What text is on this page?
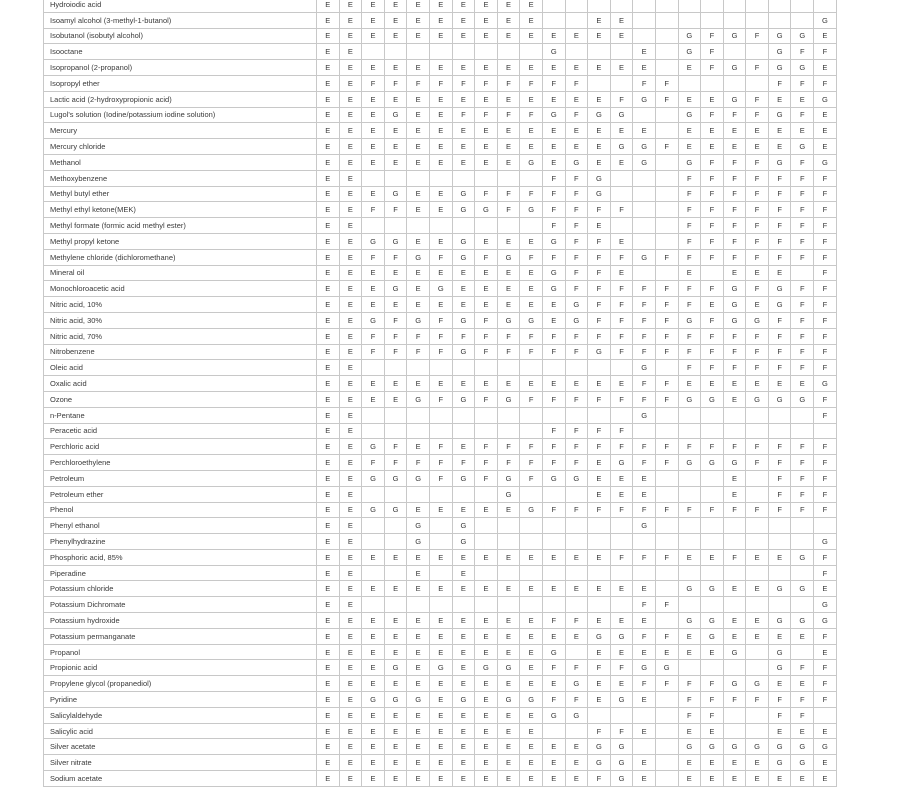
Hydroiodic acid	E	E	E	E	E	E	E	E	E	E													
Isoamyl alcohol (3-methyl-1-butanol)	E	E	E	E	E	E	E	E	E	E			E	E									G
Isobutanol (isobutyl alcohol)	E	E	E	E	E	E	E	E	E	E	E	E	E	E			G	F	G	F	G	G	E
Isooctane	E	E									G				E		G	F			G	F	F
Isopropanol (2-propanol)	E	E	E	E	E	E	E	E	E	E	E	E	E	E	E		E	F	G	F	G	G	E
Isopropyl ether	E	E	F	F	F	F	F	F	F	F	F	F			F	F					F	F	F
Lactic acid (2-hydroxypropionic acid)	E	E	E	E	E	E	E	E	E	E	E	E	E	F	G	F	E	E	G	F	E	E	G
Lugol's solution (Iodine/potassium iodine solution)	E	E	E	G	E	E	F	F	F	F	G	F	G	G			G	F	F	F	G	F	E
Mercury	E	E	E	E	E	E	E	E	E	E	E	E	E	E	E		E	E	E	E	E	E	E
Mercury chloride	E	E	E	E	E	E	E	E	E	E	E	E	E	G	G	F	E	E	E	E	E	G	E
Methanol	E	E	E	E	E	E	E	E	E	G	E	G	E	E	G		G	F	F	F	G	F	G
Methoxybenzene	E	E									F	F	G				F	F	F	F	F	F	F
Methyl butyl ether	E	E	E	G	E	E	G	F	F	F	F	F	G				F	F	F	F	F	F	F
Methyl ethyl ketone(MEK)	E	E	F	F	E	E	G	G	F	G	F	F	F	F			F	F	F	F	F	F	F
Methyl formate (formic acid methyl ester)	E	E									F	F	E				F	F	F	F	F	F	F
Methyl propyl ketone	E	E	G	G	E	E	G	E	E	E	G	F	F	E			F	F	F	F	F	F	F
Methylene chloride (dichloromethane)	E	E	F	F	G	F	G	F	G	F	F	F	F	F	G	F	F	F	F	F	F	F	F
Mineral oil	E	E	E	E	E	E	E	E	E	E	G	F	F	E			E		E	E	E		F
Monochloroacetic acid	E	E	E	G	E	G	E	E	E	E	G	F	F	F	F	F	F	F	G	F	G	F	F
Nitric acid, 10%	E	E	E	E	E	E	E	E	E	E	E	G	F	F	F	F	F	E	G	E	G	F	F
Nitric acid, 30%	E	E	G	F	G	F	G	F	G	G	E	G	F	F	F	F	G	F	G	G	F	F	F
Nitric acid, 70%	E	E	F	F	F	F	F	F	F	F	F	F	F	F	F	F	F	F	F	F	F	F	F
Nitrobenzene	E	E	F	F	F	F	G	F	F	F	F	F	G	F	F	F	F	F	F	F	F	F	F
Oleic acid	E	E													G		F	F	F	F	F	F	F
Oxalic acid	E	E	E	E	E	E	E	E	E	E	E	E	E	E	F	F	E	E	E	E	E	E	G
Ozone	E	E	E	E	G	F	G	F	G	F	F	F	F	F	F	F	G	G	E	G	G	G	F
n-Pentane	E	E													G								F
Peracetic acid	E	E									F	F	F	F									
Perchloric acid	E	E	G	F	E	F	E	F	F	F	F	F	F	F	F	F	F	F	F	F	F	F	F
Perchloroethylene	E	E	F	F	F	F	F	F	F	F	F	F	E	G	F	F	G	G	G	F	F	F	F
Petroleum	E	E	G	G	G	F	G	F	G	F	G	G	E	E	E				E		F	F	F
Petroleum ether	E	E							G				E	E	E				E		F	F	F
Phenol	E	E	G	G	E	E	E	E	E	G	F	F	F	F	F	F	F	F	F	F	F	F	F
Phenyl ethanol	E	E			G		G								G								
Phenylhydrazine	E	E			G		G																G
Phosphoric acid, 85%	E	E	E	E	E	E	E	E	E	E	E	E	E	F	F	F	E	E	F	E	E	G	F
Piperadine	E	E			E		E																F
Potassium chloride	E	E	E	E	E	E	E	E	E	E	E	E	E	E	E		G	G	E	E	G	G	E
Potassium Dichromate	E	E													F	F							G
Potassium hydroxide	E	E	E	E	E	E	E	E	E	E	F	F	E	E	E		G	G	E	E	G	G	G
Potassium permanganate	E	E	E	E	E	E	E	E	E	E	E	E	G	G	F	F	E	G	E	E	E	E	F
Propanol	E	E	E	E	E	E	E	E	E	E	G		E	E	E	E	E	E	G		G		E
Propionic acid	E	E	E	G	E	G	E	G	G	E	F	F	F	F	G	G					G	F	F
Propylene glycol (propanediol)	E	E	E	E	E	E	E	E	E	E	E	G	E	E	F	F	F	F	G	G	E	E	F
Pyridine	E	E	G	G	G	E	G	E	G	G	F	F	E	G	E		F	F	F	F	F	F	F
Salicylaldehyde	E	E	E	E	E	E	E	E	E	E	G	G					F	F			F	F	
Salicylic acid	E	E	E	E	E	E	E	E	E	E			F	F	E		E	E			E	E	E
Silver acetate	E	E	E	E	E	E	E	E	E	E	E	E	G	G			G	G	G	G	G	G	G
Silver nitrate	E	E	E	E	E	E	E	E	E	E	E	E	G	G	E		E	E	E	E	G	G	E
Sodium acetate	E	E	E	E	E	E	E	E	E	E	E	E	F	G	E		E	E	E	E	E	E	E
